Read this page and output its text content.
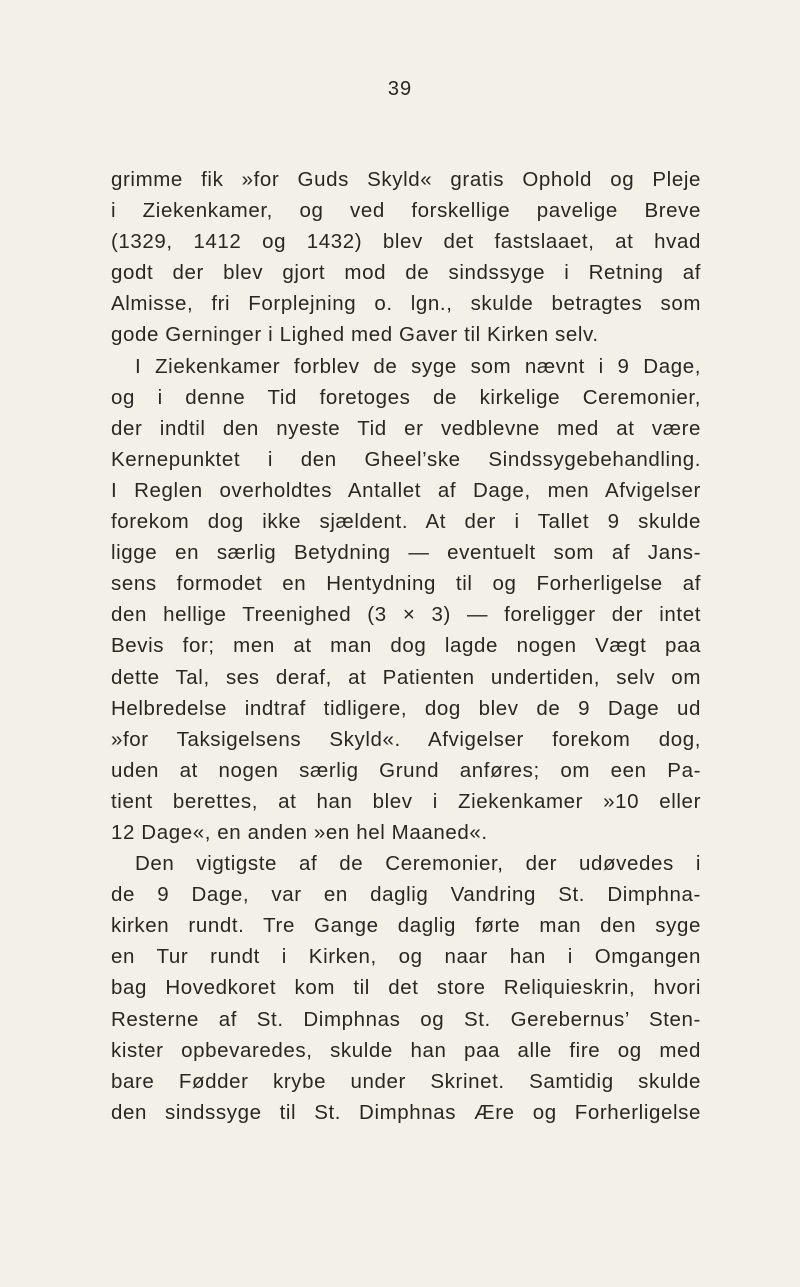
39
grimme fik »for Guds Skyld« gratis Ophold og Pleje
i Ziekenkamer, og ved forskellige pavelige Breve
(1329, 1412 og 1432) blev det fastslaaet, at hvad
godt der blev gjort mod de sindssyge i Retning af
Almisse, fri Forplejning o. lgn., skulde betragtes som
gode Gerninger i Lighed med Gaver til Kirken selv.
I Ziekenkamer forblev de syge som nævnt i 9 Dage,
og i denne Tid foretoges de kirkelige Ceremonier,
der indtil den nyeste Tid er vedblevne med at være
Kernepunktet i den Gheel’ske Sindssygebehandling.
I Reglen overholdtes Antallet af Dage, men Afvigelser
forekom dog ikke sjældent. At der i Tallet 9 skulde
ligge en særlig Betydning — eventuelt som af Jans-
sens formodet en Hentydning til og Forherligelse af
den hellige Treenighed (3 × 3) — foreligger der intet
Bevis for; men at man dog lagde nogen Vægt paa
dette Tal, ses deraf, at Patienten undertiden, selv om
Helbredelse indtraf tidligere, dog blev de 9 Dage ud
»for Taksigelsens Skyld«. Afvigelser forekom dog,
uden at nogen særlig Grund anføres; om een Pa-
tient berettes, at han blev i Ziekenkamer »10 eller
12 Dage«, en anden »en hel Maaned«.
Den vigtigste af de Ceremonier, der udøvedes i
de 9 Dage, var en daglig Vandring St. Dimphna-
kirken rundt. Tre Gange daglig førte man den syge
en Tur rundt i Kirken, og naar han i Omgangen
bag Hovedkoret kom til det store Reliquieskrin, hvori
Resterne af St. Dimphnas og St. Gerebernus’ Sten-
kister opbevaredes, skulde han paa alle fire og med
bare Fødder krybe under Skrinet. Samtidig skulde
den sindssyge til St. Dimphnas Ære og Forherligelse
